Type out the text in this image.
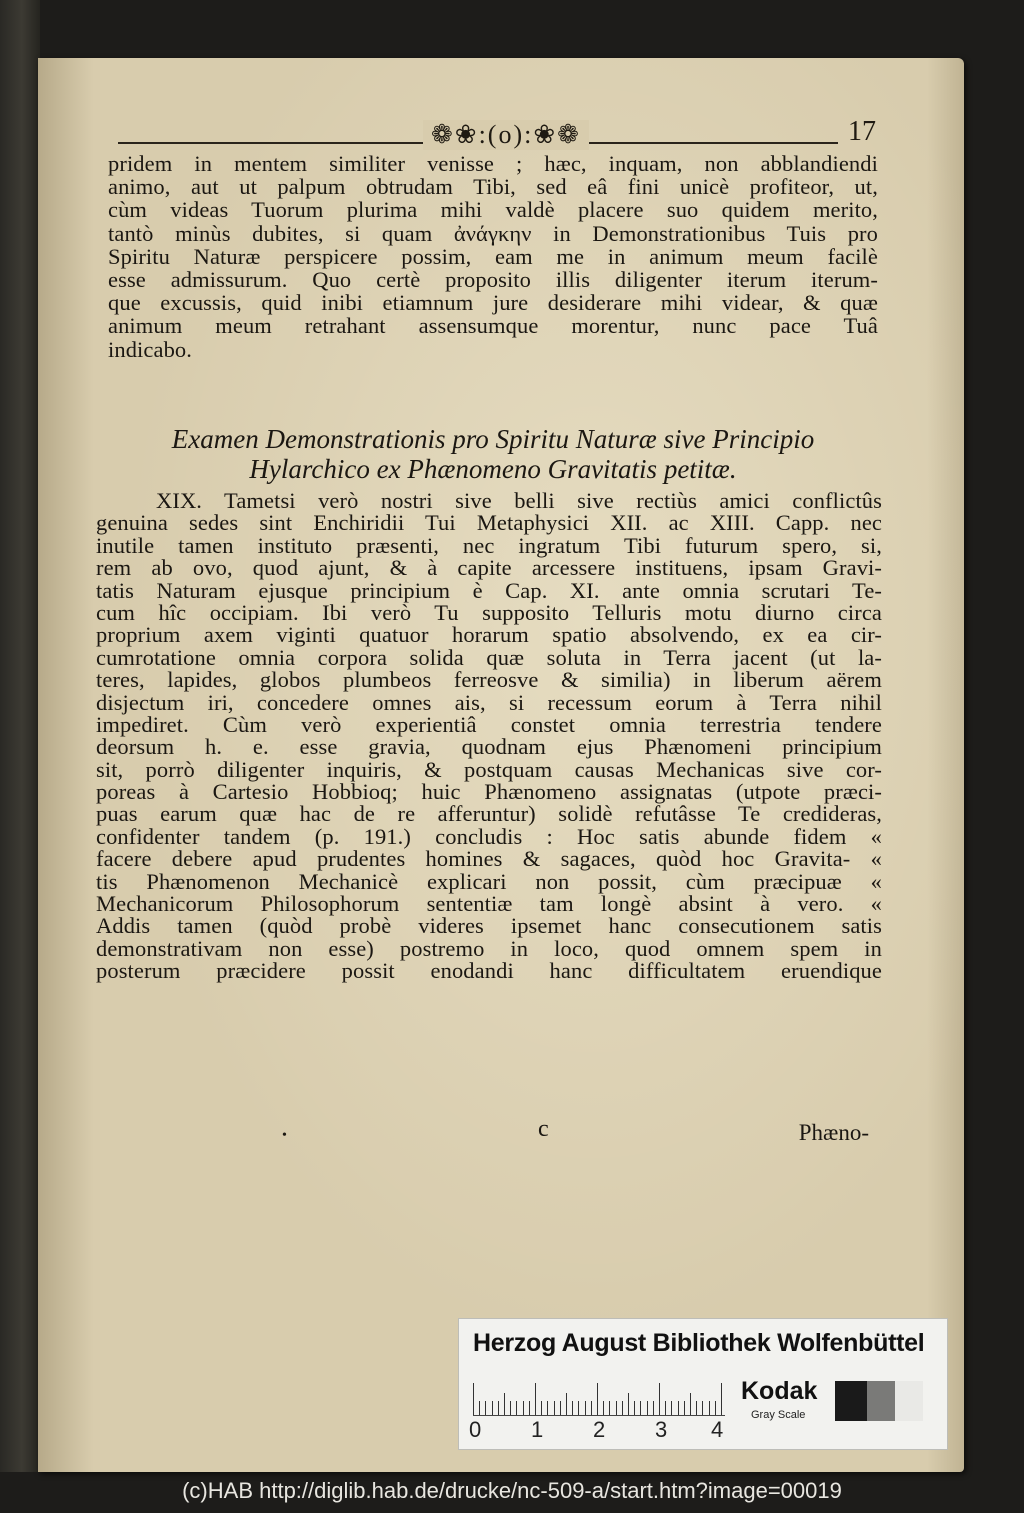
❁❀:(o):❀❁	17
pridem in mentem similiter venisse ; hæc, inquam, non abblandiendi
animo, aut ut palpum obtrudam Tibi, sed eâ fini unicè profiteor, ut,
cùm videas Tuorum plurima mihi valdè placere suo quidem merito,
tantò minùs dubites, si quam ἀνάγκην in Demonstrationibus Tuis pro
Spiritu Naturæ perspicere possim, eam me in animum meum facilè
esse admissurum. Quo certè proposito illis diligenter iterum iterum-
que excussis, quid inibi etiamnum jure desiderare mihi videar, & quæ
animum meum retrahant assensumque morentur, nunc pace Tuâ
indicabo.
Examen Demonstrationis pro Spiritu Naturæ sive Principio
Hylarchico ex Phænomeno Gravitatis petitæ.
XIX. Tametsi verò nostri sive belli sive rectiùs amici conflictûs
genuina sedes sint Enchiridii Tui Metaphysici XII. ac XIII. Capp. nec
inutile tamen instituto præsenti, nec ingratum Tibi futurum spero, si,
rem ab ovo, quod ajunt, & à capite arcessere instituens, ipsam Gravi-
tatis Naturam ejusque principium è Cap. XI. ante omnia scrutari Te-
cum hîc occipiam. Ibi verò Tu supposito Telluris motu diurno circa
proprium axem viginti quatuor horarum spatio absolvendo, ex ea cir-
cumrotatione omnia corpora solida quæ soluta in Terra jacent (ut la-
teres, lapides, globos plumbeos ferreosve & similia) in liberum aërem
disjectum iri, concedere omnes ais, si recessum eorum à Terra nihil
impediret. Cùm verò experientiâ constet omnia terrestria tendere
deorsum h. e. esse gravia, quodnam ejus Phænomeni principium
sit, porrò diligenter inquiris, & postquam causas Mechanicas sive cor-
poreas à Cartesio Hobbioq; huic Phænomeno assignatas (utpote præci-
puas earum quæ hac de re afferuntur) solidè refutâsse Te credideras,
confidenter tandem (p. 191.) concludis : Hoc satis abunde fidem «
facere debere apud prudentes homines & sagaces, quòd hoc Gravita- «
tis Phænomenon Mechanicè explicari non possit, cùm præcipuæ «
Mechanicorum Philosophorum sententiæ tam longè absint à vero. «
Addis tamen (quòd probè videres ipsemet hanc consecutionem satis
demonstrativam non esse) postremo in loco, quod omnem spem in
posterum præcidere possit enodandi hanc difficultatem eruendique
•	c	Phæno-
Herzog August Bibliothek Wolfenbüttel
0 1 2 3 4
Kodak
Gray Scale
(c)HAB http://diglib.hab.de/drucke/nc-509-a/start.htm?image=00019
